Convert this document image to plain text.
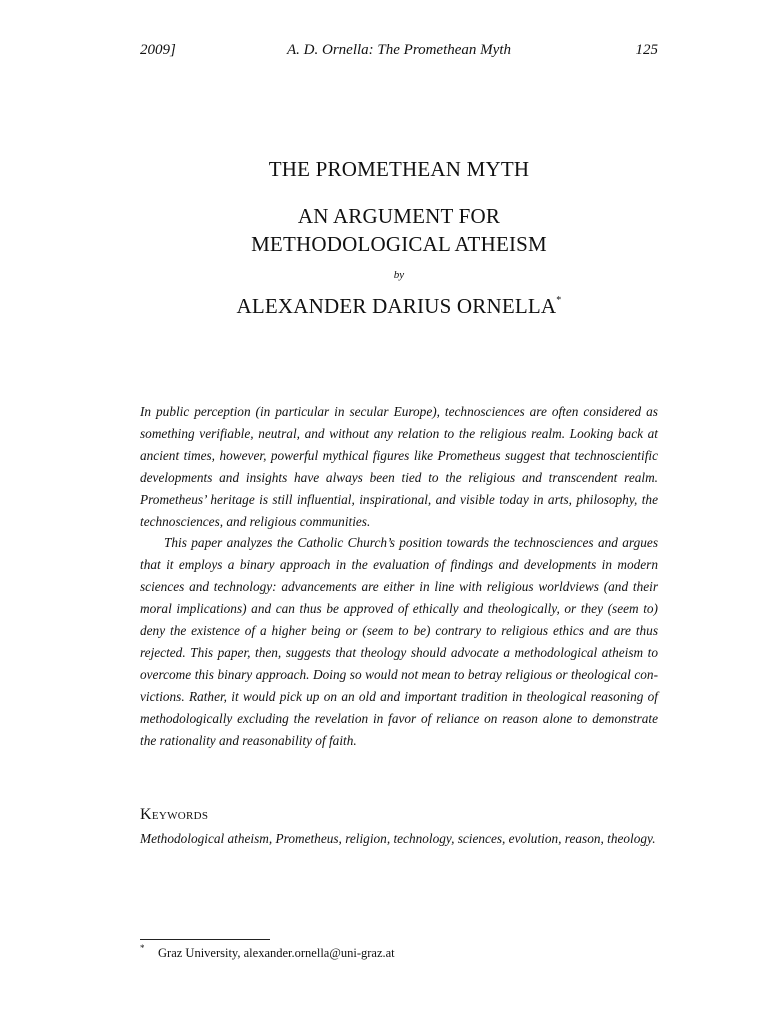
2009]	A. D. Ornella: The Promethean Myth	125
THE PROMETHEAN MYTH
AN ARGUMENT FOR
METHODOLOGICAL ATHEISM
by
ALEXANDER DARIUS ORNELLA*

In public perception (in particular in secular Europe), technosciences are often considered as something verifiable, neutral, and without any relation to the religious realm. Looking back at ancient times, however, powerful mythical figures like Prometheus suggest that technoscientific developments and insights have always been tied to the religious and transcendent realm. Prometheus’ heritage is still influential, inspirational, and visible today in arts, philosophy, the technosciences, and religious communities.

This paper analyzes the Catholic Church’s position towards the technosciences and argues that it employs a binary approach in the evaluation of findings and developments in modern sciences and technology: advancements are either in line with religious worldviews (and their moral implications) and can thus be approved of ethically and theologically, or they (seem to) deny the existence of a higher being or (seem to be) contrary to religious ethics and are thus rejected. This paper, then, suggests that theology should advocate a methodological atheism to overcome this binary approach. Doing so would not mean to betray religious or theological convictions. Rather, it would pick up on an old and important tradition in theological reasoning of methodologically excluding the revelation in favor of reliance on reason alone to demonstrate the rationality and reasonability of faith.

Keywords
Methodological atheism, Prometheus, religion, technology, sciences, evolution, reason, theology.
* Graz University, alexander.ornella@uni-graz.at
